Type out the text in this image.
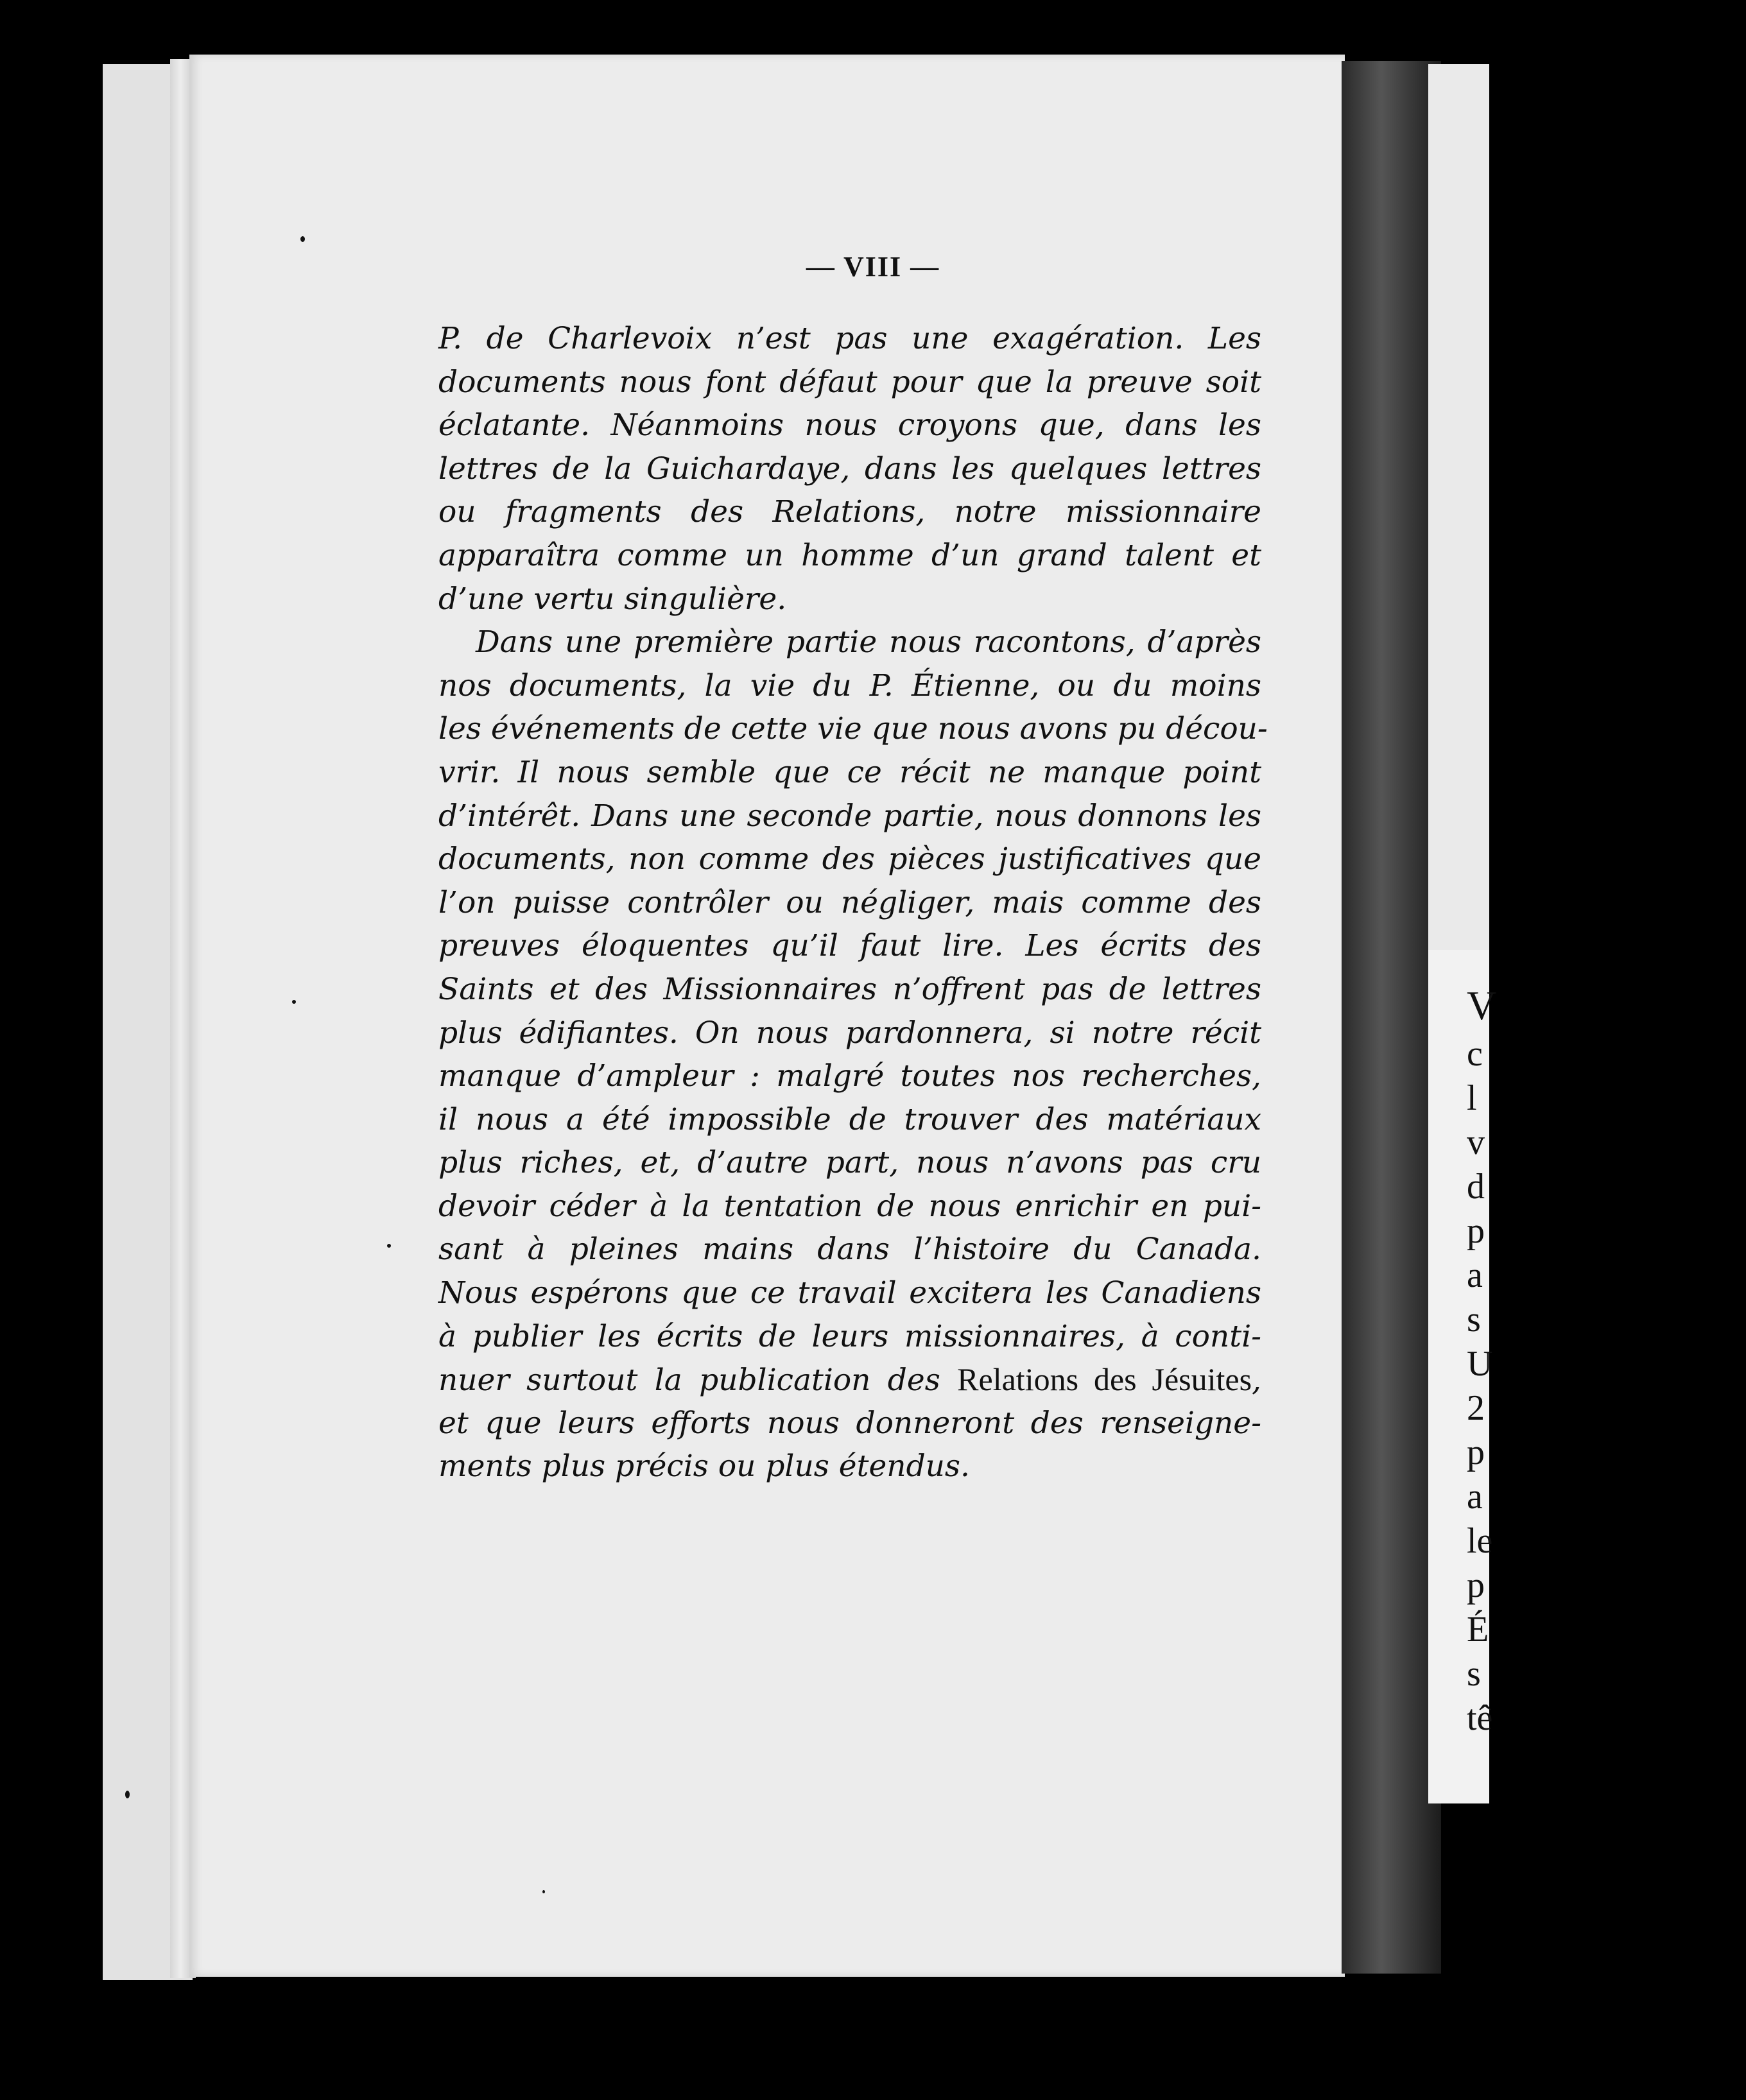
V
c
l
v
d
p
a
s
U
2
p
a
le
p
É
s
tê
— VIII —

P. de Charlevoix n’est pas une exagération. Les
documents nous font défaut pour que la preuve soit
éclatante. Néanmoins nous croyons que, dans les
lettres de la Guichardaye, dans les quelques lettres
ou fragments des Relations, notre missionnaire
apparaîtra comme un homme d’un grand talent et
d’une vertu singulière.

Dans une première partie nous racontons, d’après
nos documents, la vie du P. Étienne, ou du moins
les événements de cette vie que nous avons pu décou-
vrir. Il nous semble que ce récit ne manque point
d’intérêt. Dans une seconde partie, nous donnons les
documents, non comme des pièces justificatives que
l’on puisse contrôler ou négliger, mais comme des
preuves éloquentes qu’il faut lire. Les écrits des
Saints et des Missionnaires n’offrent pas de lettres
plus édifiantes. On nous pardonnera, si notre récit
manque d’ampleur : malgré toutes nos recherches,
il nous a été impossible de trouver des matériaux
plus riches, et, d’autre part, nous n’avons pas cru
devoir céder à la tentation de nous enrichir en pui-
sant à pleines mains dans l’histoire du Canada.
Nous espérons que ce travail excitera les Canadiens
à publier les écrits de leurs missionnaires, à conti-
nuer surtout la publication des Relations des Jésuites,
et que leurs efforts nous donneront des renseigne-
ments plus précis ou plus étendus.
